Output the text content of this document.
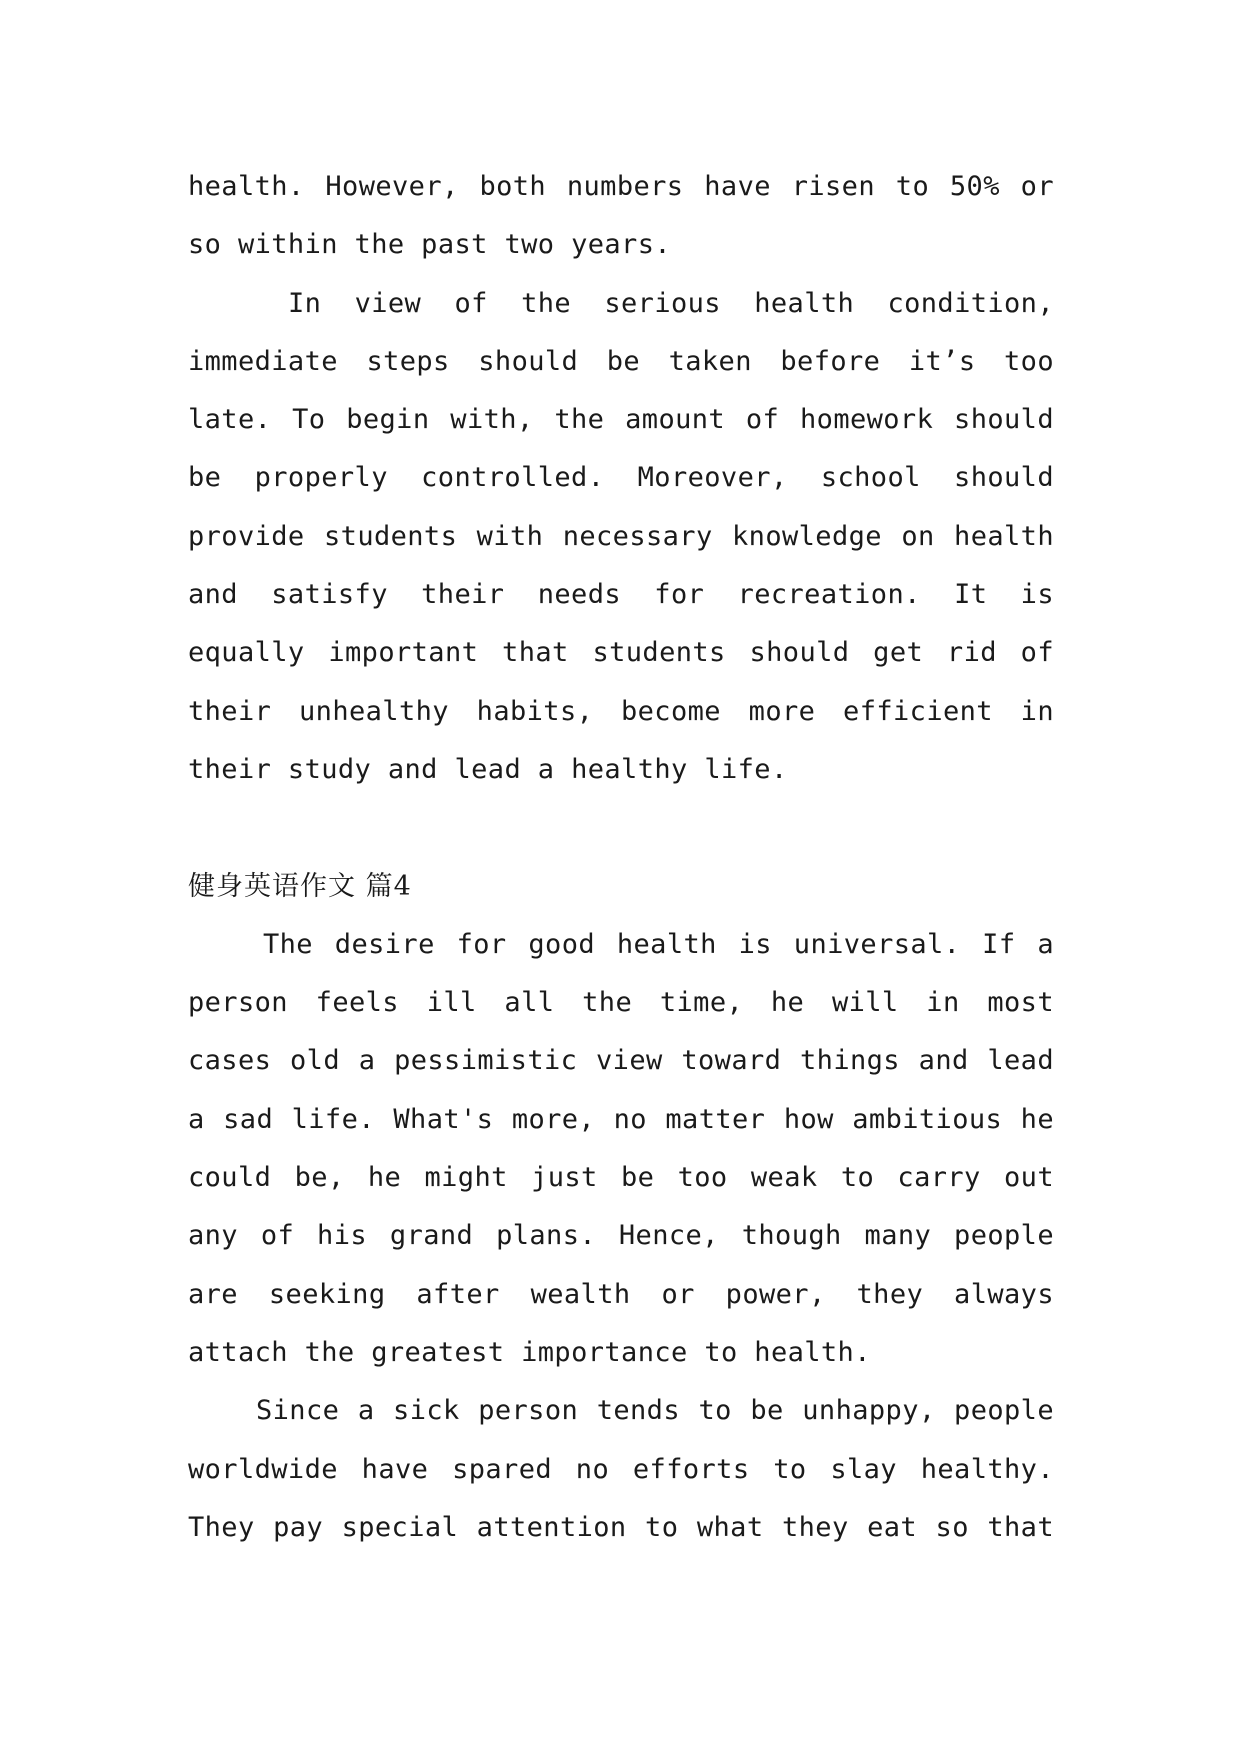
health. However, both numbers have risen to 50% or
so within the past two years.
In view of the serious health condition,
immediate steps should be taken before it’s too
late. To begin with, the amount of homework should
be properly controlled. Moreover, school should
provide students with necessary knowledge on health
and satisfy their needs for recreation. It is
equally important that students should get rid of
their unhealthy habits, become more efficient in
their study and lead a healthy life.
健身英语作文 篇4
The desire for good health is universal. If a
person feels ill all the time, he will in most
cases old a pessimistic view toward things and lead
a sad life. What's more, no matter how ambitious he
could be, he might just be too weak to carry out
any of his grand plans. Hence, though many people
are seeking after wealth or power, they always
attach the greatest importance to health.
Since a sick person tends to be unhappy, people
worldwide have spared no efforts to slay healthy.
They pay special attention to what they eat so that
